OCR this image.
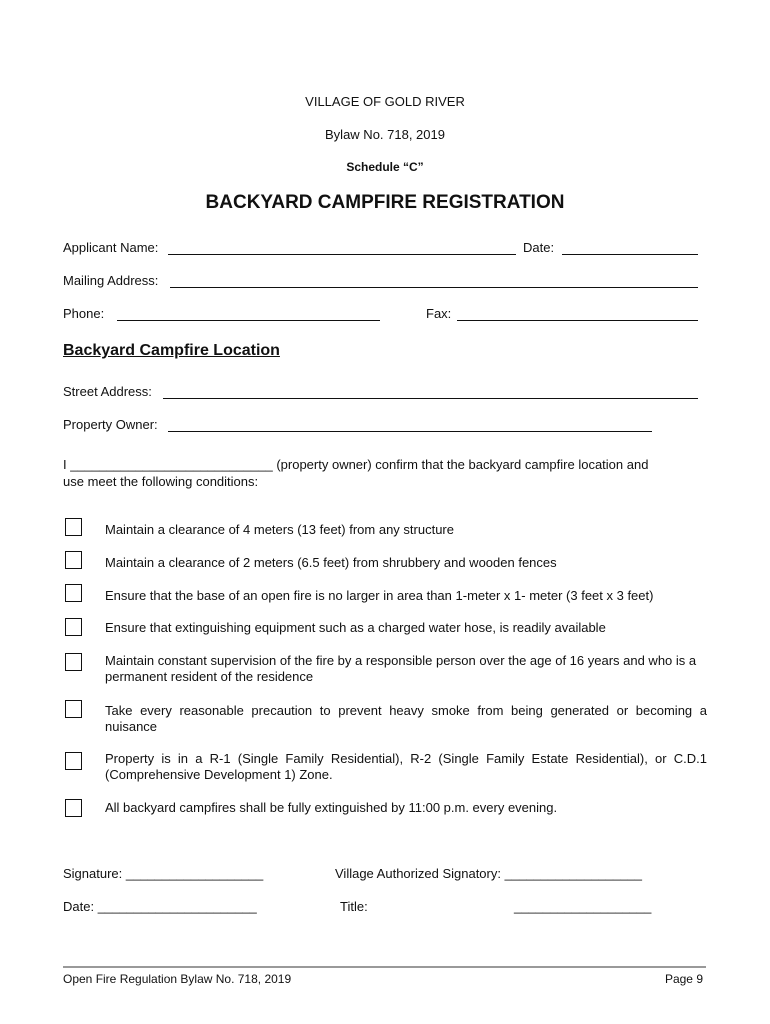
VILLAGE OF GOLD RIVER
Bylaw No. 718, 2019
Schedule “C”
BACKYARD CAMPFIRE REGISTRATION
Applicant Name:	Date:
Mailing Address:
Phone:	Fax:
Backyard Campfire Location
Street Address:
Property Owner:
I ____________________________ (property owner) confirm that the backyard campfire location and
use meet the following conditions:
Maintain a clearance of 4 meters (13 feet) from any structure
Maintain a clearance of 2 meters (6.5 feet) from shrubbery and wooden fences
Ensure that the base of an open fire is no larger in area than 1-meter x 1- meter (3 feet x 3 feet)
Ensure that extinguishing equipment such as a charged water hose, is readily available
Maintain constant supervision of the fire by a responsible person over the age of 16 years and who is a permanent resident of the residence
Take every reasonable precaution to prevent heavy smoke from being generated or becoming a nuisance
Property is in a R-1 (Single Family Residential), R-2 (Single Family Estate Residential), or C.D.1 (Comprehensive Development 1) Zone.
All backyard campfires shall be fully extinguished by 11:00 p.m. every evening.
Signature: ___________________	Village Authorized Signatory: ___________________
Date: ______________________	Title:	___________________
Open Fire Regulation Bylaw No. 718, 2019	Page 9
